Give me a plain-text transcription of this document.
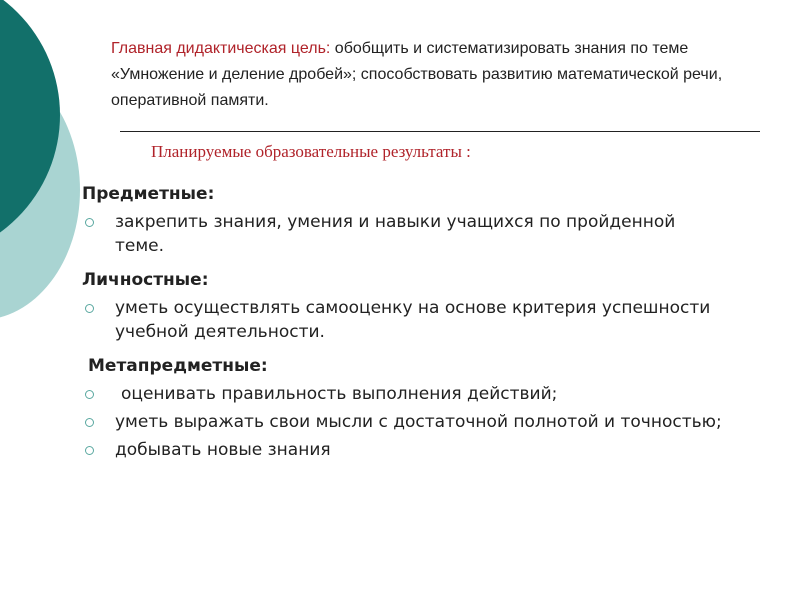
Главная дидактическая цель: обобщить и систематизировать знания по теме «Умножение и деление дробей»; способствовать развитию математической речи, оперативной памяти.
Планируемые образовательные результаты :

Предметные:

закрепить знания, умения и навыки учащихся по пройденной теме.

Личностные:

уметь осуществлять самооценку на основе критерия успешности учебной деятельности.

Метапредметные:

оценивать правильность выполнения действий;
уметь выражать свои мысли с достаточной полнотой и точностью;
добывать новые знания
